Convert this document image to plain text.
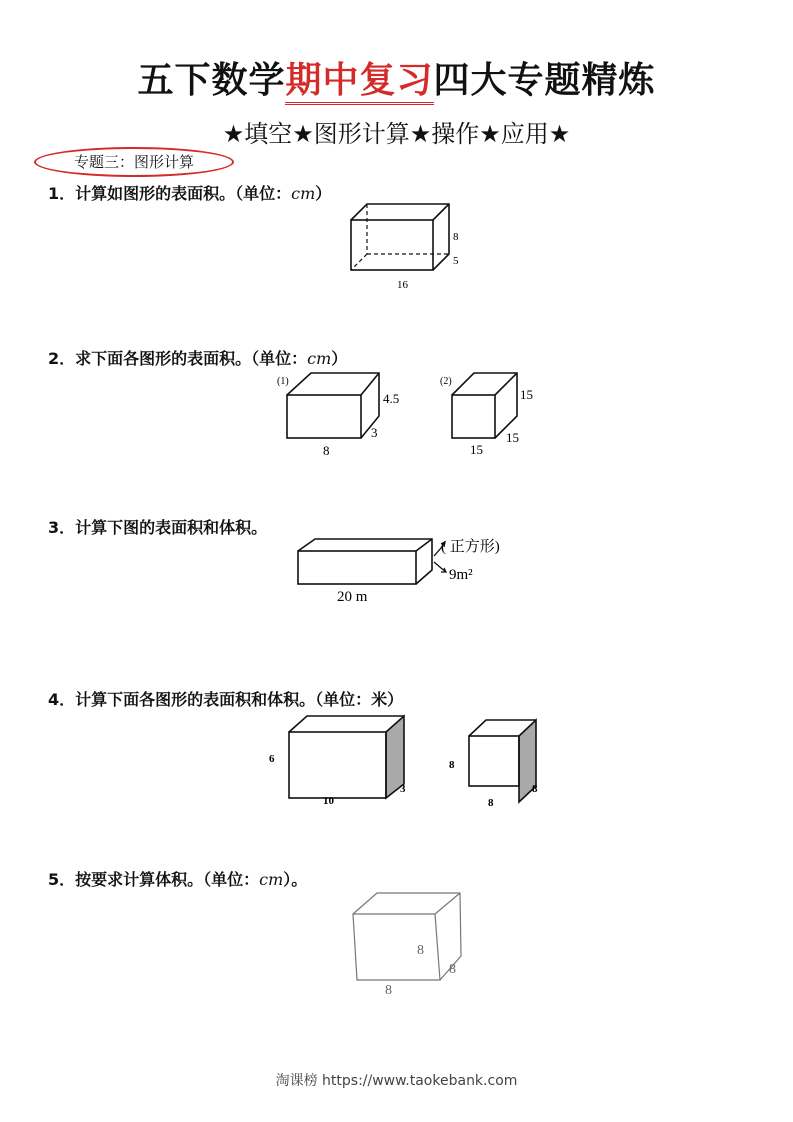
五下数学期中复习四大专题精炼
★填空★图形计算★操作★应用★
专题三：图形计算
1．计算如图形的表面积。（单位：cm）
8
5
16
2．求下面各图形的表面积。（单位：cm）
(1)
4.5
3
8
(2)
15
15
15
3．计算下图的表面积和体积。
( 正方形)
9m²
20 m
4．计算下面各图形的表面积和体积。（单位：米）
6
10
3
8
8
8
5．按要求计算体积。（单位：cm）。
8
8
8
淘课榜 https://www.taokebank.com
